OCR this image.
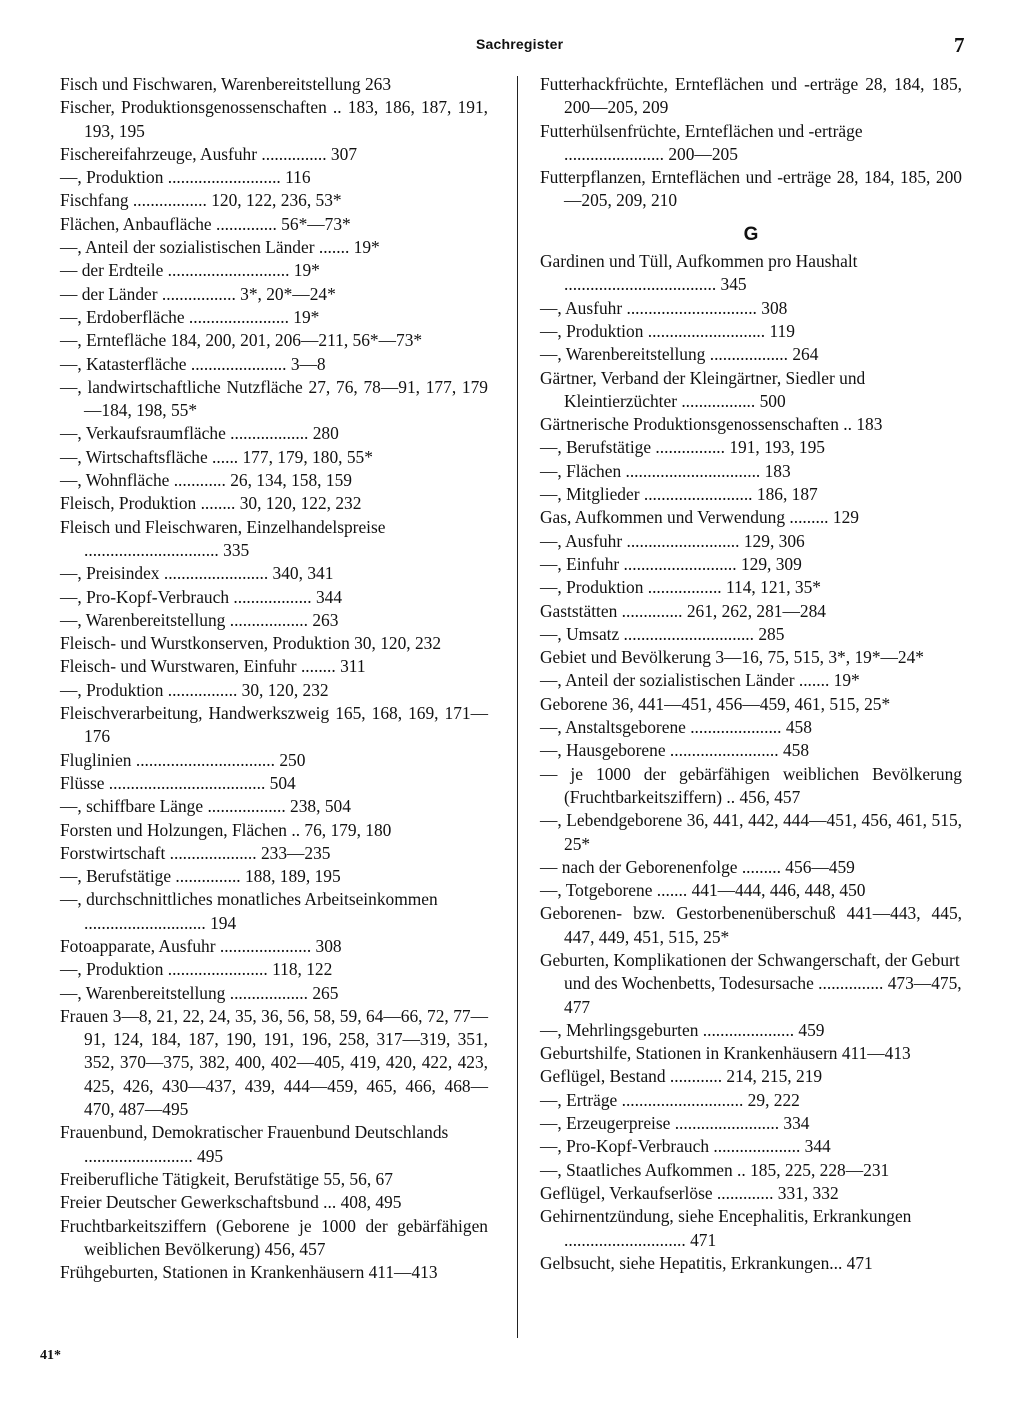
Sachregister	7
Fisch und Fischwaren, Warenbereitstellung 263
Fischer, Produktionsgenossenschaften .. 183, 186, 187, 191, 193, 195
Fischereifahrzeuge, Ausfuhr ............... 307
—, Produktion .......................... 116
Fischfang ................. 120, 122, 236, 53*
Flächen, Anbaufläche .............. 56*—73*
—, Anteil der sozialistischen Länder ....... 19*
— der Erdteile ............................ 19*
— der Länder ................. 3*, 20*—24*
—, Erdoberfläche ....................... 19*
—, Erntefläche 184, 200, 201, 206—211, 56*—73*
—, Katasterfläche ...................... 3—8
—, landwirtschaftliche Nutzfläche 27, 76, 78—91, 177, 179—184, 198, 55*
—, Verkaufsraumfläche .................. 280
—, Wirtschaftsfläche ...... 177, 179, 180, 55*
—, Wohnfläche ............ 26, 134, 158, 159
Fleisch, Produktion ........ 30, 120, 122, 232
Fleisch und Fleischwaren, Einzelhandelspreise ............................... 335
—, Preisindex ........................ 340, 341
—, Pro-Kopf-Verbrauch .................. 344
—, Warenbereitstellung .................. 263
Fleisch- und Wurstkonserven, Produktion 30, 120, 232
Fleisch- und Wurstwaren, Einfuhr ........ 311
—, Produktion ................ 30, 120, 232
Fleischverarbeitung, Handwerkszweig 165, 168, 169, 171—176
Fluglinien ................................ 250
Flüsse .................................... 504
—, schiffbare Länge .................. 238, 504
Forsten und Holzungen, Flächen .. 76, 179, 180
Forstwirtschaft .................... 233—235
—, Berufstätige ............... 188, 189, 195
—, durchschnittliches monatliches Arbeitseinkommen ............................ 194
Fotoapparate, Ausfuhr ..................... 308
—, Produktion ....................... 118, 122
—, Warenbereitstellung .................. 265
Frauen 3—8, 21, 22, 24, 35, 36, 56, 58, 59, 64—66, 72, 77—91, 124, 184, 187, 190, 191, 196, 258, 317—319, 351, 352, 370—375, 382, 400, 402—405, 419, 420, 422, 423, 425, 426, 430—437, 439, 444—459, 465, 466, 468—470, 487—495
Frauenbund, Demokratischer Frauenbund Deutschlands ......................... 495
Freiberufliche Tätigkeit, Berufstätige 55, 56, 67
Freier Deutscher Gewerkschaftsbund ... 408, 495
Fruchtbarkeitsziffern (Geborene je 1000 der gebärfähigen weiblichen Bevölkerung) 456, 457
Frühgeburten, Stationen in Krankenhäusern 411—413
Futterhackfrüchte, Ernteflächen und -erträge 28, 184, 185, 200—205, 209
Futterhülsenfrüchte, Ernteflächen und -erträge ....................... 200—205
Futterpflanzen, Ernteflächen und -erträge 28, 184, 185, 200—205, 209, 210
G
Gardinen und Tüll, Aufkommen pro Haushalt ................................... 345
—, Ausfuhr .............................. 308
—, Produktion ........................... 119
—, Warenbereitstellung .................. 264
Gärtner, Verband der Kleingärtner, Siedler und Kleintierzüchter ................. 500
Gärtnerische Produktionsgenossenschaften .. 183
—, Berufstätige ................ 191, 193, 195
—, Flächen ............................... 183
—, Mitglieder ......................... 186, 187
Gas, Aufkommen und Verwendung ......... 129
—, Ausfuhr .......................... 129, 306
—, Einfuhr .......................... 129, 309
—, Produktion ................. 114, 121, 35*
Gaststätten .............. 261, 262, 281—284
—, Umsatz .............................. 285
Gebiet und Bevölkerung 3—16, 75, 515, 3*, 19*—24*
—, Anteil der sozialistischen Länder ....... 19*
Geborene 36, 441—451, 456—459, 461, 515, 25*
—, Anstaltsgeborene ..................... 458
—, Hausgeborene ......................... 458
— je 1000 der gebärfähigen weiblichen Bevölkerung (Fruchtbarkeitsziffern) .. 456, 457
—, Lebendgeborene 36, 441, 442, 444—451, 456, 461, 515, 25*
— nach der Geborenenfolge ......... 456—459
—, Totgeborene ....... 441—444, 446, 448, 450
Geborenen- bzw. Gestorbenenüberschuß 441—443, 445, 447, 449, 451, 515, 25*
Geburten, Komplikationen der Schwangerschaft, der Geburt und des Wochenbetts, Todesursache ............... 473—475, 477
—, Mehrlingsgeburten ..................... 459
Geburtshilfe, Stationen in Krankenhäusern 411—413
Geflügel, Bestand ............ 214, 215, 219
—, Erträge ............................ 29, 222
—, Erzeugerpreise ........................ 334
—, Pro-Kopf-Verbrauch .................... 344
—, Staatliches Aufkommen .. 185, 225, 228—231
Geflügel, Verkaufserlöse ............. 331, 332
Gehirnentzündung, siehe Encephalitis, Erkrankungen ............................ 471
Gelbsucht, siehe Hepatitis, Erkrankungen... 471
41*
